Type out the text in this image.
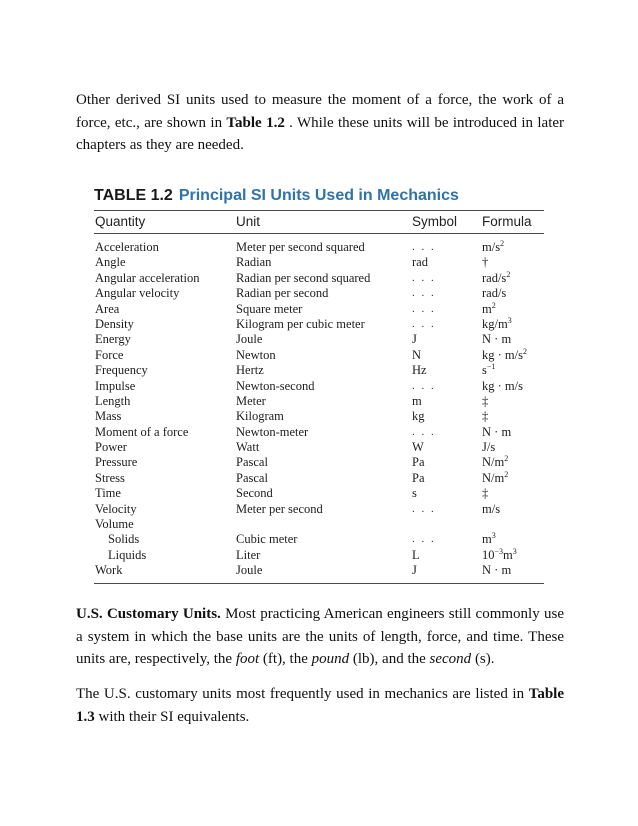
Other derived SI units used to measure the moment of a force, the work of a force, etc., are shown in Table 1.2 . While these units will be introduced in later chapters as they are needed.

TABLE 1.2 Principal SI Units Used in Mechanics
Quantity	Unit	Symbol Formula
Acceleration	Meter per second squared	. . .	$m/s^2$
Angle	Radian	rad	†
Angular acceleration	Radian per second squared	. . .	rad/$s^2$
Angular velocity	Radian per second	. . .	rad/s
Area	Square meter	. . .	$m^2$
Density	Kilogram per cubic meter	. . .	$kg/m^3$
Energy	Joule	J	N · m
Force	Newton	N	kg · $m/s^2$
Frequency	Hertz	Hz	$s^{-1}$
Impulse	Newton-second	. . .	kg · m/s
Length	Meter	m	‡
Mass	Kilogram	kg	‡
Moment of a force	Newton-meter	. . .	N · m
Power	Watt	W	J/s
Pressure	Pascal	Pa	$N/m^2$
Stress	Pascal	Pa	$N/m^2$
Time	Second	s	‡
Velocity	Meter per second	. . .	m/s
Volume
Solids	Cubic meter	. . .	$m^3$
Liquids	Liter	L	$10^{-3}m^3$
Work	Joule	J	N · m

U.S. Customary Units. Most practicing American engineers still commonly use a system in which the base units are the units of length, force, and time. These units are, respectively, the foot (ft), the pound (lb), and the second (s).

The U.S. customary units most frequently used in mechanics are listed in Table 1.3 with their SI equivalents.
